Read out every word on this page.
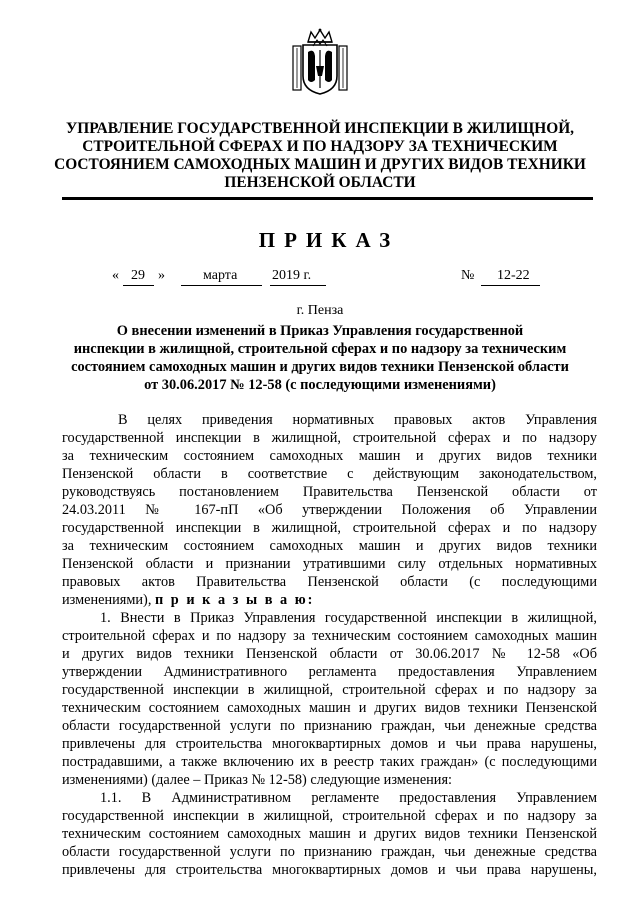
УПРАВЛЕНИЕ ГОСУДАРСТВЕННОЙ ИНСПЕКЦИИ В ЖИЛИЩНОЙ,
СТРОИТЕЛЬНОЙ СФЕРАХ И ПО НАДЗОРУ ЗА ТЕХНИЧЕСКИМ
СОСТОЯНИЕМ САМОХОДНЫХ МАШИН И ДРУГИХ ВИДОВ ТЕХНИКИ
ПЕНЗЕНСКОЙ ОБЛАСТИ
ПРИКАЗ
« 29 »	марта 2019 г.	№ 12-22
г. Пенза
О внесении изменений в Приказ Управления государственной
инспекции в жилищной, строительной сферах и по надзору за техническим
состоянием самоходных машин и других видов техники Пензенской области
от 30.06.2017 № 12-58 (с последующими изменениями)
В целях приведения нормативных правовых актов Управления
государственной инспекции в жилищной, строительной сферах и по надзору
за техническим состоянием самоходных машин и других видов техники
Пензенской области в соответствие с действующим законодательством,
руководствуясь постановлением Правительства Пензенской области от
24.03.2011 № 167-пП «Об утверждении Положения об Управлении
государственной инспекции в жилищной, строительной сферах и по надзору
за техническим состоянием самоходных машин и других видов техники
Пензенской области и признании утратившими силу отдельных нормативных
правовых актов Правительства Пензенской области (с последующими
изменениями), п р и к а з ы в а ю:
1. Внести в Приказ Управления государственной инспекции в жилищной,
строительной сферах и по надзору за техническим состоянием самоходных машин
и других видов техники Пензенской области от 30.06.2017 № 12-58 «Об
утверждении Административного регламента предоставления Управлением
государственной инспекции в жилищной, строительной сферах и по надзору за
техническим состоянием самоходных машин и других видов техники Пензенской
области государственной услуги по признанию граждан, чьи денежные средства
привлечены для строительства многоквартирных домов и чьи права нарушены,
пострадавшими, а также включению их в реестр таких граждан» (с последующими
изменениями) (далее – Приказ № 12-58) следующие изменения:
1.1. В Административном регламенте предоставления Управлением
государственной инспекции в жилищной, строительной сферах и по надзору за
техническим состоянием самоходных машин и других видов техники Пензенской
области государственной услуги по признанию граждан, чьи денежные средства
привлечены для строительства многоквартирных домов и чьи права нарушены,
